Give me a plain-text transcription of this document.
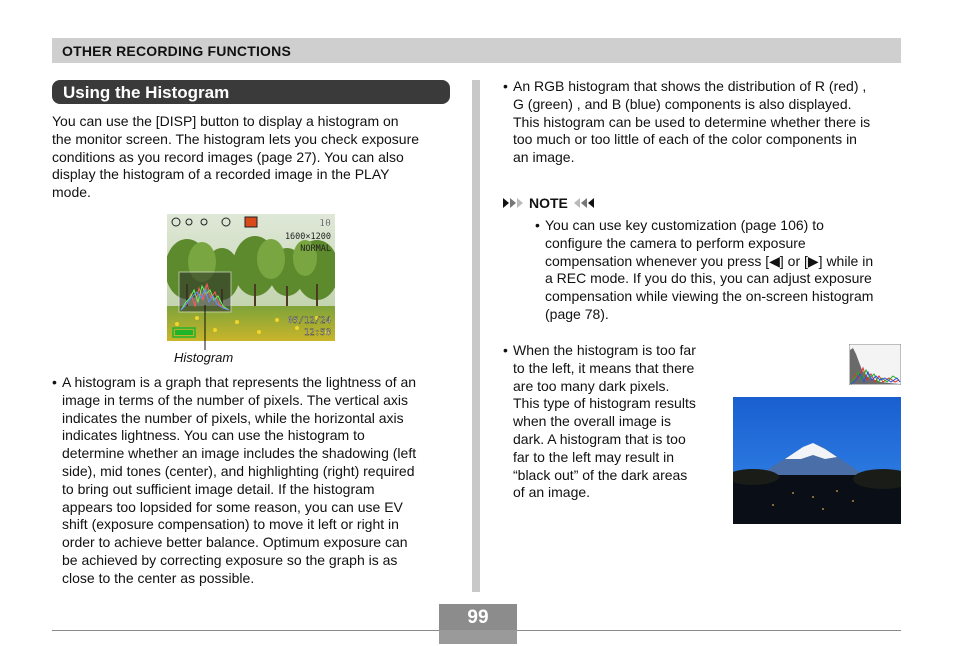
OTHER RECORDING FUNCTIONS
Using the Histogram
You can use the [DISP] button to display a histogram on
the monitor screen. The histogram lets you check exposure
conditions as you record images (page 27). You can also
display the histogram of a recorded image in the PLAY
mode.
10
1600×1200
NORMAL
05/12/24
12:58
Histogram
• A histogram is a graph that represents the lightness of an
image in terms of the number of pixels. The vertical axis
indicates the number of pixels, while the horizontal axis
indicates lightness. You can use the histogram to
determine whether an image includes the shadowing (left
side), mid tones (center), and highlighting (right) required
to bring out sufficient image detail. If the histogram
appears too lopsided for some reason, you can use EV
shift (exposure compensation) to move it left or right in
order to achieve better balance. Optimum exposure can
be achieved by correcting exposure so the graph is as
close to the center as possible.
• An RGB histogram that shows the distribution of R (red) ,
G (green) , and B (blue) components is also displayed.
This histogram can be used to determine whether there is
too much or too little of each of the color components in
an image.
NOTE
• You can use key customization (page 106) to
configure the camera to perform exposure
compensation whenever you press [◀] or [▶] while in
a REC mode. If you do this, you can adjust exposure
compensation while viewing the on-screen histogram
(page 78).
• When the histogram is too far
to the left, it means that there
are too many dark pixels.
This type of histogram results
when the overall image is
dark. A histogram that is too
far to the left may result in
“black out” of the dark areas
of an image.
99
